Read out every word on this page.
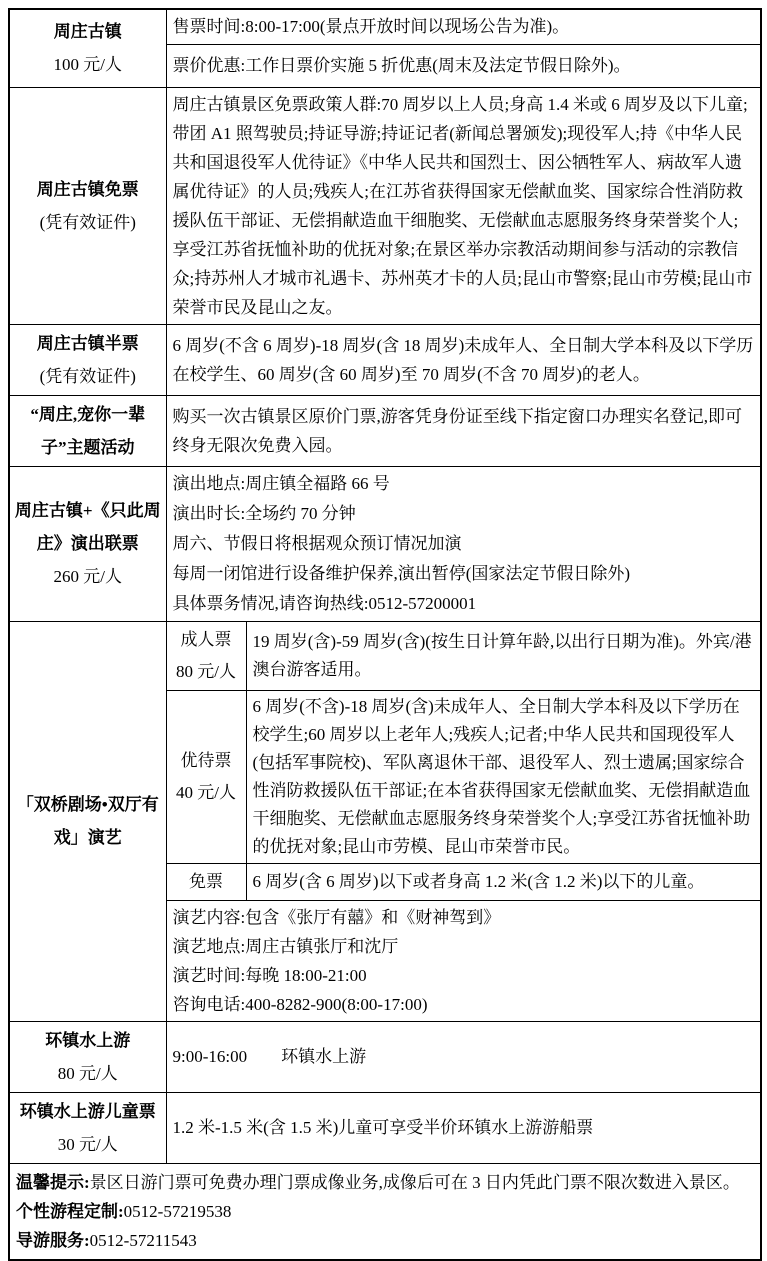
周庄古镇
100 元/人	售票时间:8:00-17:00(景点开放时间以现场公告为准)。	
	票价优惠:工作日票价实施 5 折优惠(周末及法定节假日除外)。	

周庄古镇免票
(凭有效证件)	周庄古镇景区免票政策人群:70 周岁以上人员;身高 1.4 米或 6 周岁及以下儿童;带团 A1 照驾驶员;持证导游;持证记者(新闻总署颁发);现役军人;持《中华人民共和国退役军人优待证》《中华人民共和国烈士、因公牺牲军人、病故军人遗属优待证》的人员;残疾人;在江苏省获得国家无偿献血奖、国家综合性消防救援队伍干部证、无偿捐献造血干细胞奖、无偿献血志愿服务终身荣誉奖个人;享受江苏省抚恤补助的优抚对象;在景区举办宗教活动期间参与活动的宗教信众;持苏州人才城市礼遇卡、苏州英才卡的人员;昆山市警察;昆山市劳模;昆山市荣誉市民及昆山之友。	

周庄古镇半票
(凭有效证件)	6 周岁(不含 6 周岁)-18 周岁(含 18 周岁)未成年人、全日制大学本科及以下学历在校学生、60 周岁(含 60 周岁)至 70 周岁(不含 70 周岁)的老人。	

“周庄,宠你一辈子”主题活动	购买一次古镇景区原价门票,游客凭身份证至线下指定窗口办理实名登记,即可终身无限次免费入园。	

周庄古镇+《只此周庄》演出联票
260 元/人	演出地点:周庄镇全福路 66 号
演出时长:全场约 70 分钟
周六、节假日将根据观众预订情况加演
每周一闭馆进行设备维护保养,演出暂停(国家法定节假日除外)
具体票务情况,请咨询热线:0512-57200001	

「双桥剧场•双厅有戏」演艺	成人票
80 元/人	19 周岁(含)-59 周岁(含)(按生日计算年龄,以出行日期为准)。外宾/港澳台游客适用。

	优待票
40 元/人	6 周岁(不含)-18 周岁(含)未成年人、全日制大学本科及以下学历在校学生;60 周岁以上老年人;残疾人;记者;中华人民共和国现役军人(包括军事院校)、军队离退休干部、退役军人、烈士遗属;国家综合性消防救援队伍干部证;在本省获得国家无偿献血奖、无偿捐献造血干细胞奖、无偿献血志愿服务终身荣誉奖个人;享受江苏省抚恤补助的优抚对象;昆山市劳模、昆山市荣誉市民。

	免票	6 周岁(含 6 周岁)以下或者身高 1.2 米(含 1.2 米)以下的儿童。

	演艺内容:包含《张厅有囍》和《财神驾到》
演艺地点:周庄古镇张厅和沈厅
演艺时间:每晚 18:00-21:00
咨询电话:400-8282-900(8:00-17:00)	

环镇水上游
80 元/人	9:00-16:00　　环镇水上游	

环镇水上游儿童票
30 元/人	1.2 米-1.5 米(含 1.5 米)儿童可享受半价环镇水上游游船票	

温馨提示:景区日游门票可免费办理门票成像业务,成像后可在 3 日内凭此门票不限次数进入景区。
个性游程定制:0512-57219538
导游服务:0512-57211543		
